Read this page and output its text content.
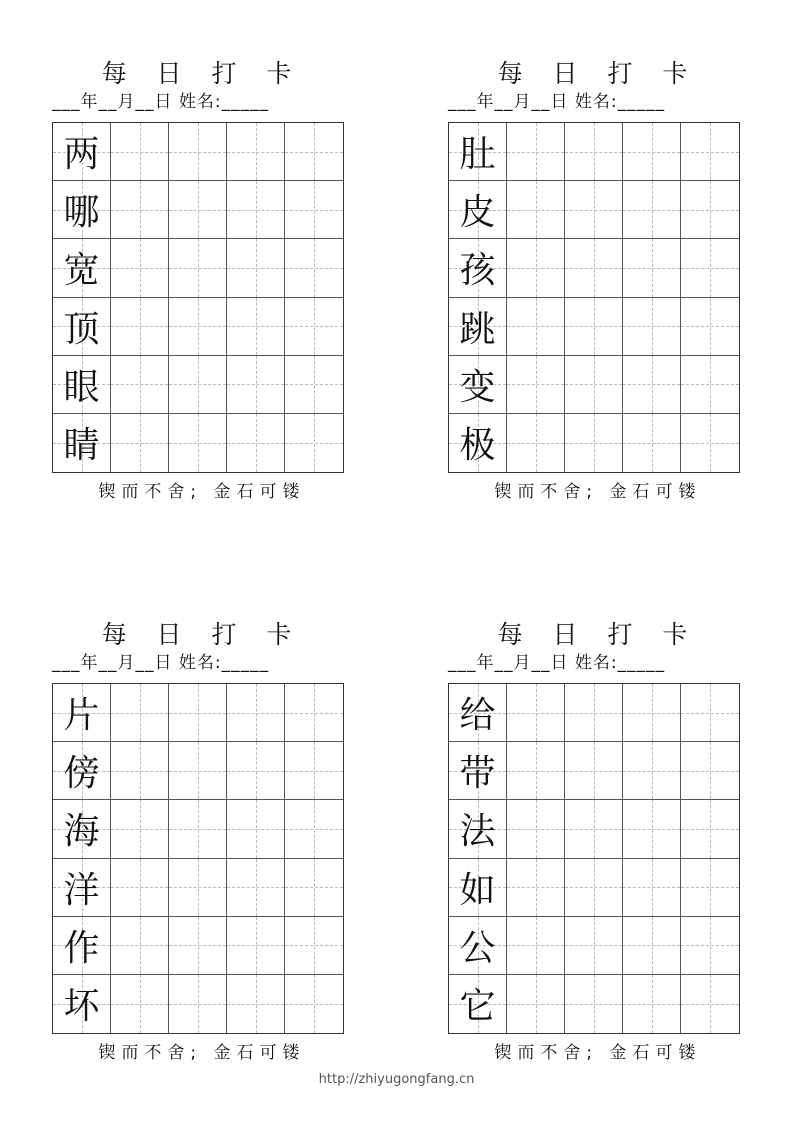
每 日 打 卡
___年__月__日 姓名:_____
两
哪
宽
顶
眼
睛
锲而不舍; 金石可镂
每 日 打 卡
___年__月__日 姓名:_____
肚
皮
孩
跳
变
极
锲而不舍; 金石可镂
每 日 打 卡
___年__月__日 姓名:_____
片
傍
海
洋
作
坏
锲而不舍; 金石可镂
每 日 打 卡
___年__月__日 姓名:_____
给
带
法
如
公
它
锲而不舍; 金石可镂
http://zhiyugongfang.cn
